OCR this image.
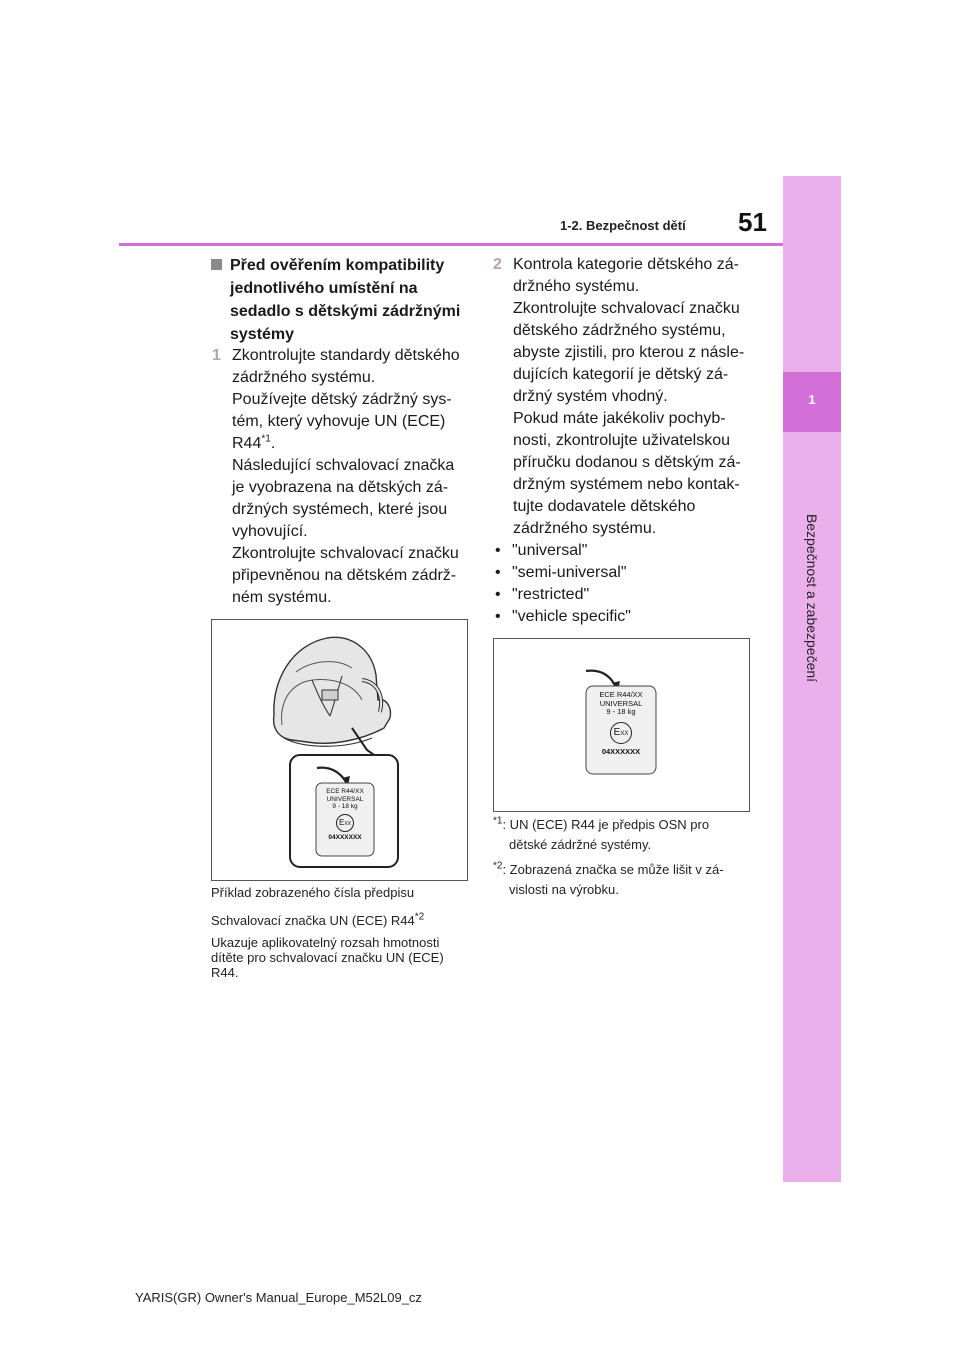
1
Bezpečnost a zabezpečení
1-2. Bezpečnost dětí 51
Před ověřením kompatibility jednotlivého umístění na sedadlo s dětskými zádržnými systémy
1 Zkontrolujte standardy dětského
zádržného systému.
Používejte dětský zádržný sys-
tém, který vyhovuje UN (ECE)
R44$^{*1}$.
Následující schvalovací značka
je vyobrazena na dětských zá-
držných systémech, které jsou
vyhovující.
Zkontrolujte schvalovací značku
připevněnou na dětském zádrž-
ném systému.
ECE R44/XX
UNIVERSAL
9 - 18 kg
EXX
04XXXXXX
Příklad zobrazeného čísla předpisu
Schvalovací značka UN (ECE) R44$^{*2}$
Ukazuje aplikovatelný rozsah hmotnosti dítěte pro schvalovací značku UN (ECE) R44.
2 Kontrola kategorie dětského zá-
držného systému.
Zkontrolujte schvalovací značku
dětského zádržného systému,
abyste zjistili, pro kterou z násle-
dujících kategorií je dětský zá-
držný systém vhodný.
Pokud máte jakékoliv pochyb-
nosti, zkontrolujte uživatelskou
příručku dodanou s dětským zá-
držným systémem nebo kontak-
tujte dodavatele dětského
zádržného systému.
• "universal"
• "semi-universal"
• "restricted"
• "vehicle specific"
ECE R44/XX
UNIVERSAL
9 - 18 kg
EXX
04XXXXXX
$^{*1}$: UN (ECE) R44 je předpis OSN pro
dětské zádržné systémy.
$^{*2}$: Zobrazená značka se může lišit v zá-
vislosti na výrobku.
YARIS(GR) Owner's Manual_Europe_M52L09_cz
